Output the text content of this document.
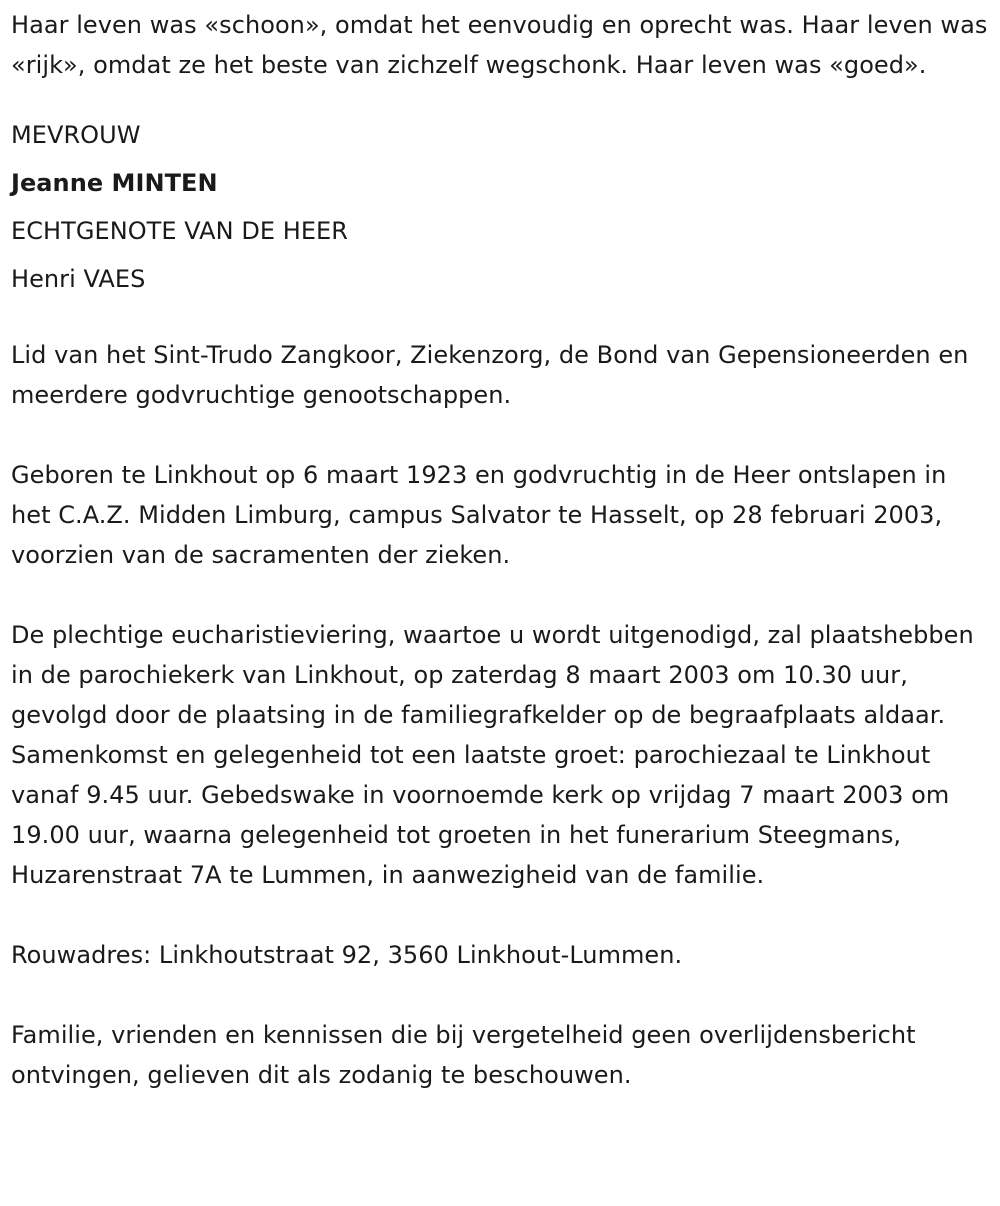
Haar leven was «schoon», omdat het eenvoudig en oprecht was. Haar leven was «rijk», omdat ze het beste van zichzelf wegschonk. Haar leven was «goed».

MEVROUW

Jeanne MINTEN

ECHTGENOTE VAN DE HEER

Henri VAES

Lid van het Sint-Trudo Zangkoor, Ziekenzorg, de Bond van Gepensioneerden en meerdere godvruchtige genootschappen.

Geboren te Linkhout op 6 maart 1923 en godvruchtig in de Heer ontslapen in het C.A.Z. Midden Limburg, campus Salvator te Hasselt, op 28 februari 2003, voorzien van de sacramenten der zieken.

De plechtige eucharistieviering, waartoe u wordt uitgenodigd, zal plaatshebben in de parochiekerk van Linkhout, op zaterdag 8 maart 2003 om 10.30 uur, gevolgd door de plaatsing in de familiegrafkelder op de begraafplaats aldaar. Samenkomst en gelegenheid tot een laatste groet: parochiezaal te Linkhout vanaf 9.45 uur. Gebedswake in voornoemde kerk op vrijdag 7 maart 2003 om 19.00 uur, waarna gelegenheid tot groeten in het funerarium Steegmans, Huzarenstraat 7A te Lummen, in aanwezigheid van de familie.

Rouwadres: Linkhoutstraat 92, 3560 Linkhout-Lummen.

Familie, vrienden en kennissen die bij vergetelheid geen overlijdensbericht ontvingen, gelieven dit als zodanig te beschouwen.
